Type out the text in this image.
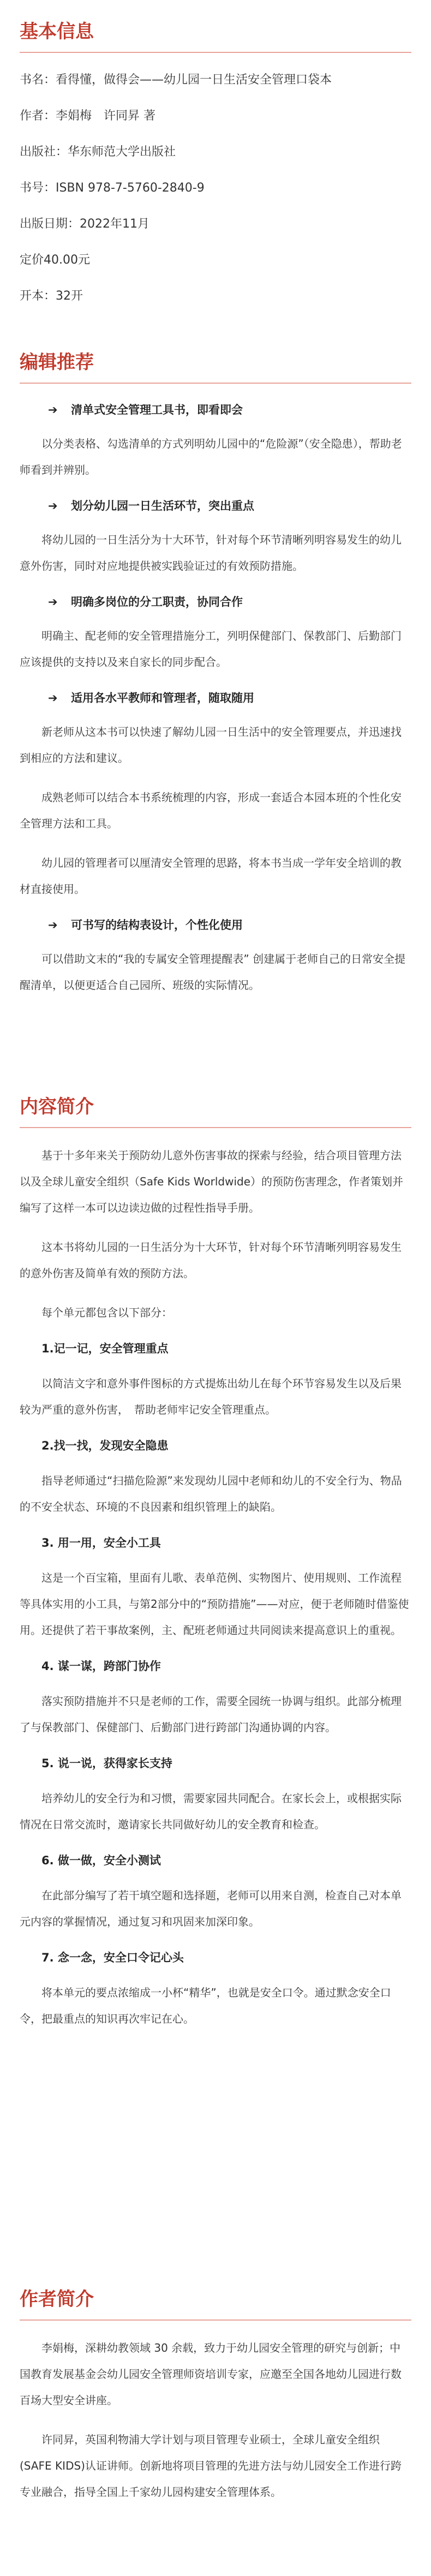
基本信息
书名：看得懂，做得会——幼儿园一日生活安全管理口袋本
作者：李娟梅　许同昇 著
出版社：华东师范大学出版社
书号：ISBN 978-7-5760-2840-9
出版日期：2022年11月
定价40.00元
开本：32开
编辑推荐
➔ 清单式安全管理工具书，即看即会

以分类表格、勾选清单的方式列明幼儿园中的“危险源”（安全隐患），帮助老师看到并辨别。

➔ 划分幼儿园一日生活环节，突出重点

将幼儿园的一日生活分为十大环节，针对每个环节清晰列明容易发生的幼儿意外伤害，同时对应地提供被实践验证过的有效预防措施。

➔ 明确多岗位的分工职责，协同合作

明确主、配老师的安全管理措施分工，列明保健部门、保教部门、后勤部门应该提供的支持以及来自家长的同步配合。

➔ 适用各水平教师和管理者，随取随用

新老师从这本书可以快速了解幼儿园一日生活中的安全管理要点，并迅速找到相应的方法和建议。

成熟老师可以结合本书系统梳理的内容，形成一套适合本园本班的个性化安全管理方法和工具。

幼儿园的管理者可以厘清安全管理的思路，将本书当成一学年安全培训的教材直接使用。

➔ 可书写的结构表设计，个性化使用

可以借助文末的“我的专属安全管理提醒表” 创建属于老师自己的日常安全提醒清单，以便更适合自己园所、班级的实际情况。

内容简介

基于十多年来关于预防幼儿意外伤害事故的探索与经验，结合项目管理方法以及全球儿童安全组织（Safe Kids Worldwide）的预防伤害理念，作者策划并编写了这样一本可以边读边做的过程性指导手册。

这本书将幼儿园的一日生活分为十大环节，针对每个环节清晰列明容易发生的意外伤害及简单有效的预防方法。

每个单元都包含以下部分：

1.记一记，安全管理重点

以简洁文字和意外事件图标的方式提炼出幼儿在每个环节容易发生以及后果较为严重的意外伤害，　帮助老师牢记安全管理重点。

2.找一找，发现安全隐患

指导老师通过“扫描危险源”来发现幼儿园中老师和幼儿的不安全行为、物品的不安全状态、环境的不良因素和组织管理上的缺陷。

3. 用一用，安全小工具

这是一个百宝箱，里面有儿歌、表单范例、实物图片、使用规则、工作流程等具体实用的小工具，与第2部分中的“预防措施”——对应，便于老师随时借鉴使用。还提供了若干事故案例，主、配班老师通过共同阅读来提高意识上的重视。

4. 谋一谋，跨部门协作

落实预防措施并不只是老师的工作，需要全园统一协调与组织。此部分梳理了与保教部门、保健部门、后勤部门进行跨部门沟通协调的内容。

5. 说一说，获得家长支持

培养幼儿的安全行为和习惯，需要家园共同配合。在家长会上，或根据实际情况在日常交流时，邀请家长共同做好幼儿的安全教育和检查。

6. 做一做，安全小测试

在此部分编写了若干填空题和选择题，老师可以用来自测，检查自己对本单元内容的掌握情况，通过复习和巩固来加深印象。

7. 念一念，安全口令记心头

将本单元的要点浓缩成一小杯“精华”，也就是安全口令。通过默念安全口令，把最重点的知识再次牢记在心。

作者简介

李娟梅，深耕幼教领域 30 余载，致力于幼儿园安全管理的研究与创新；中国教育发展基金会幼儿园安全管理师资培训专家，应邀至全国各地幼儿园进行数百场大型安全讲座。

许同昇，英国利物浦大学计划与项目管理专业硕士，全球儿童安全组织(SAFE KIDS)认证讲师。创新地将项目管理的先进方法与幼儿园安全工作进行跨专业融合，指导全国上千家幼儿园构建安全管理体系。
